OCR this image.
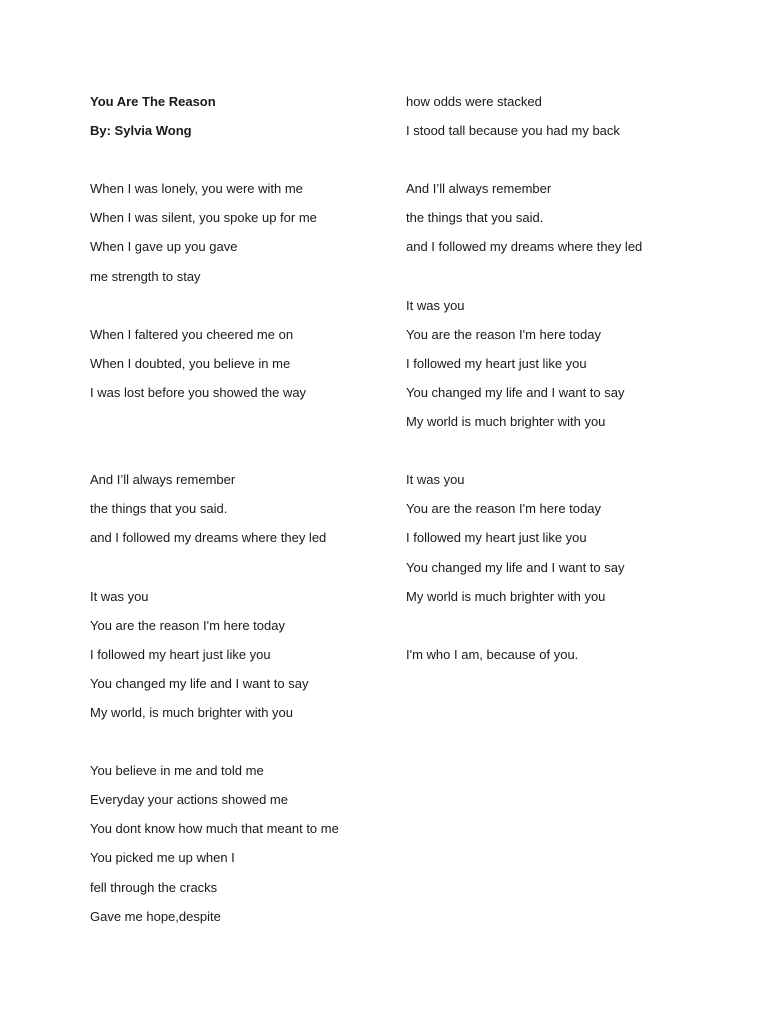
You Are The Reason
By: Sylvia Wong
When I was lonely, you were with me
When I was silent, you spoke up for me
When I gave up you gave
me strength to stay
When I faltered you cheered me on
When I doubted, you believe in me
I was lost before you showed the way
And I’ll always remember
the things that you said.
and I followed my dreams where they led
It was you
You are the reason I'm here today
I followed my heart just like you
You changed my life and I want to say
My world, is much brighter with you
You believe in me and told me
Everyday your actions showed me
You dont know how much that meant to me
You picked me up when I
fell through the cracks
Gave me hope,despite
how odds were stacked
I stood tall because you had my back
And I’ll always remember
the things that you said.
and I followed my dreams where they led
It was you
You are the reason I'm here today
I followed my heart just like you
You changed my life and I want to say
My world is much brighter with you
It was you
You are the reason I'm here today
I followed my heart just like you
You changed my life and I want to say
My world is much brighter with you
I'm who I am, because of you.
